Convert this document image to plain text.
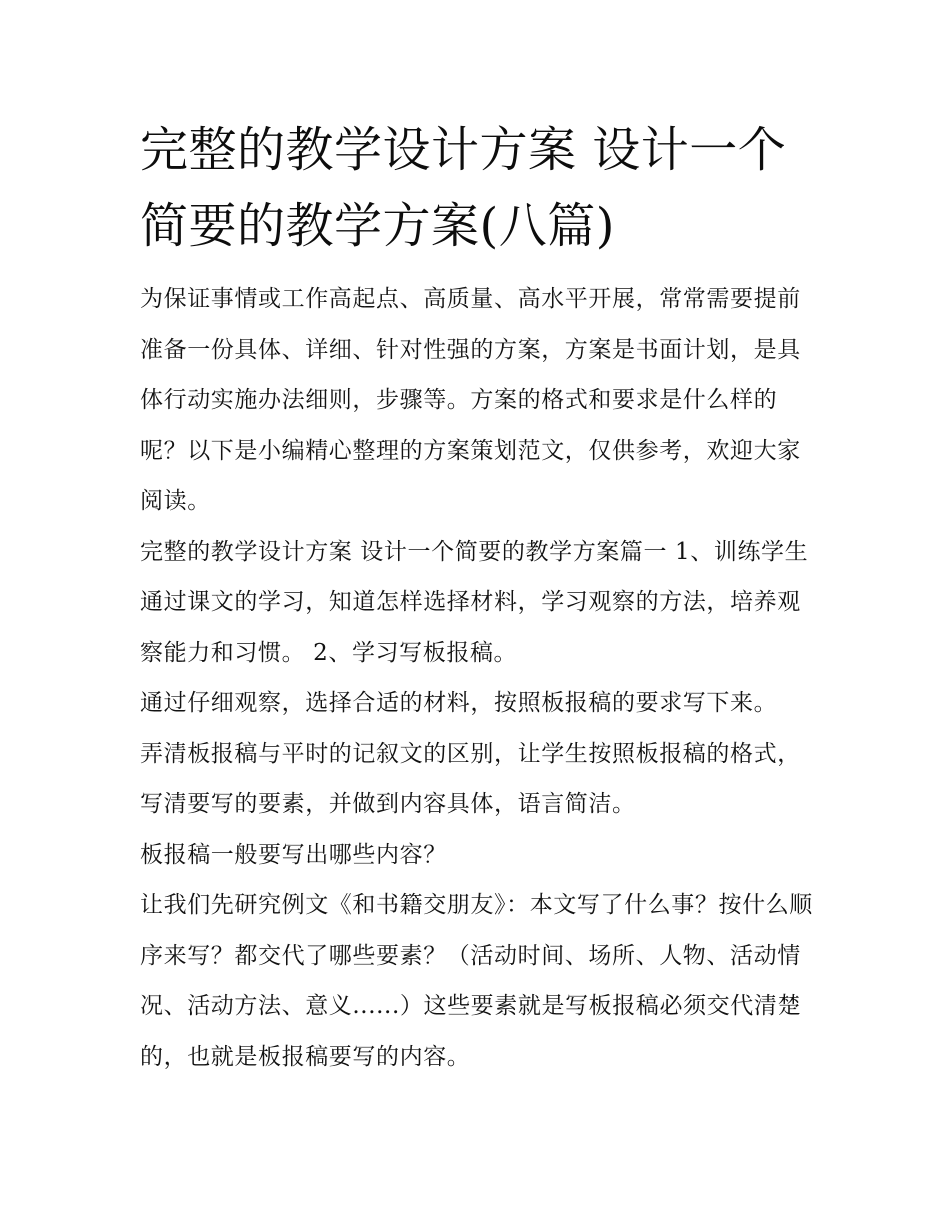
完整的教学设计方案 设计一个简要的教学方案(八篇)

为保证事情或工作高起点、高质量、高水平开展，常常需要提前准备一份具体、详细、针对性强的方案，方案是书面计划，是具体行动实施办法细则，步骤等。方案的格式和要求是什么样的呢？以下是小编精心整理的方案策划范文，仅供参考，欢迎大家阅读。

完整的教学设计方案 设计一个简要的教学方案篇一 1、训练学生通过课文的学习，知道怎样选择材料，学习观察的方法，培养观察能力和习惯。 2、学习写板报稿。

通过仔细观察，选择合适的材料，按照板报稿的要求写下来。

弄清板报稿与平时的记叙文的区别，让学生按照板报稿的格式，写清要写的要素，并做到内容具体，语言简洁。

板报稿一般要写出哪些内容？

让我们先研究例文《和书籍交朋友》：本文写了什么事？按什么顺序来写？都交代了哪些要素？（活动时间、场所、人物、活动情况、活动方法、意义......）这些要素就是写板报稿必须交代清楚的，也就是板报稿要写的内容。
